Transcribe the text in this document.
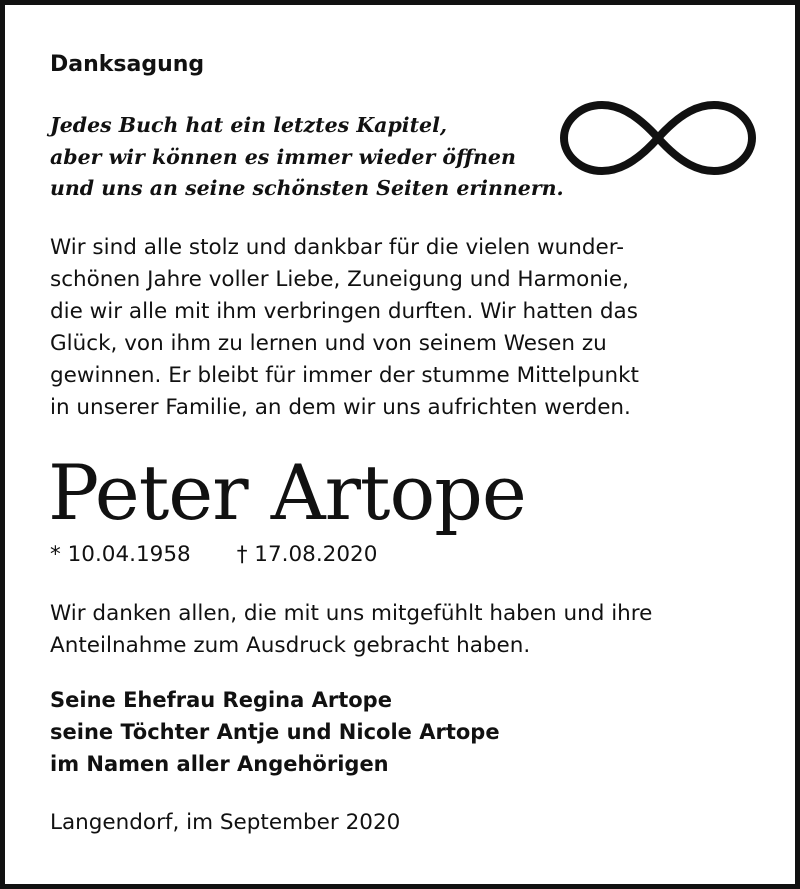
Danksagung
Jedes Buch hat ein letztes Kapitel,
aber wir können es immer wieder öffnen
und uns an seine schönsten Seiten erinnern.
Wir sind alle stolz und dankbar für die vielen wunder-
schönen Jahre voller Liebe, Zuneigung und Harmonie,
die wir alle mit ihm verbringen durften. Wir hatten das
Glück, von ihm zu lernen und von seinem Wesen zu
gewinnen. Er bleibt für immer der stumme Mittelpunkt
in unserer Familie, an dem wir uns aufrichten werden.
Peter Artope
* 10.04.1958 † 17.08.2020
Wir danken allen, die mit uns mitgefühlt haben und ihre
Anteilnahme zum Ausdruck gebracht haben.
Seine Ehefrau Regina Artope
seine Töchter Antje und Nicole Artope
im Namen aller Angehörigen
Langendorf, im September 2020
